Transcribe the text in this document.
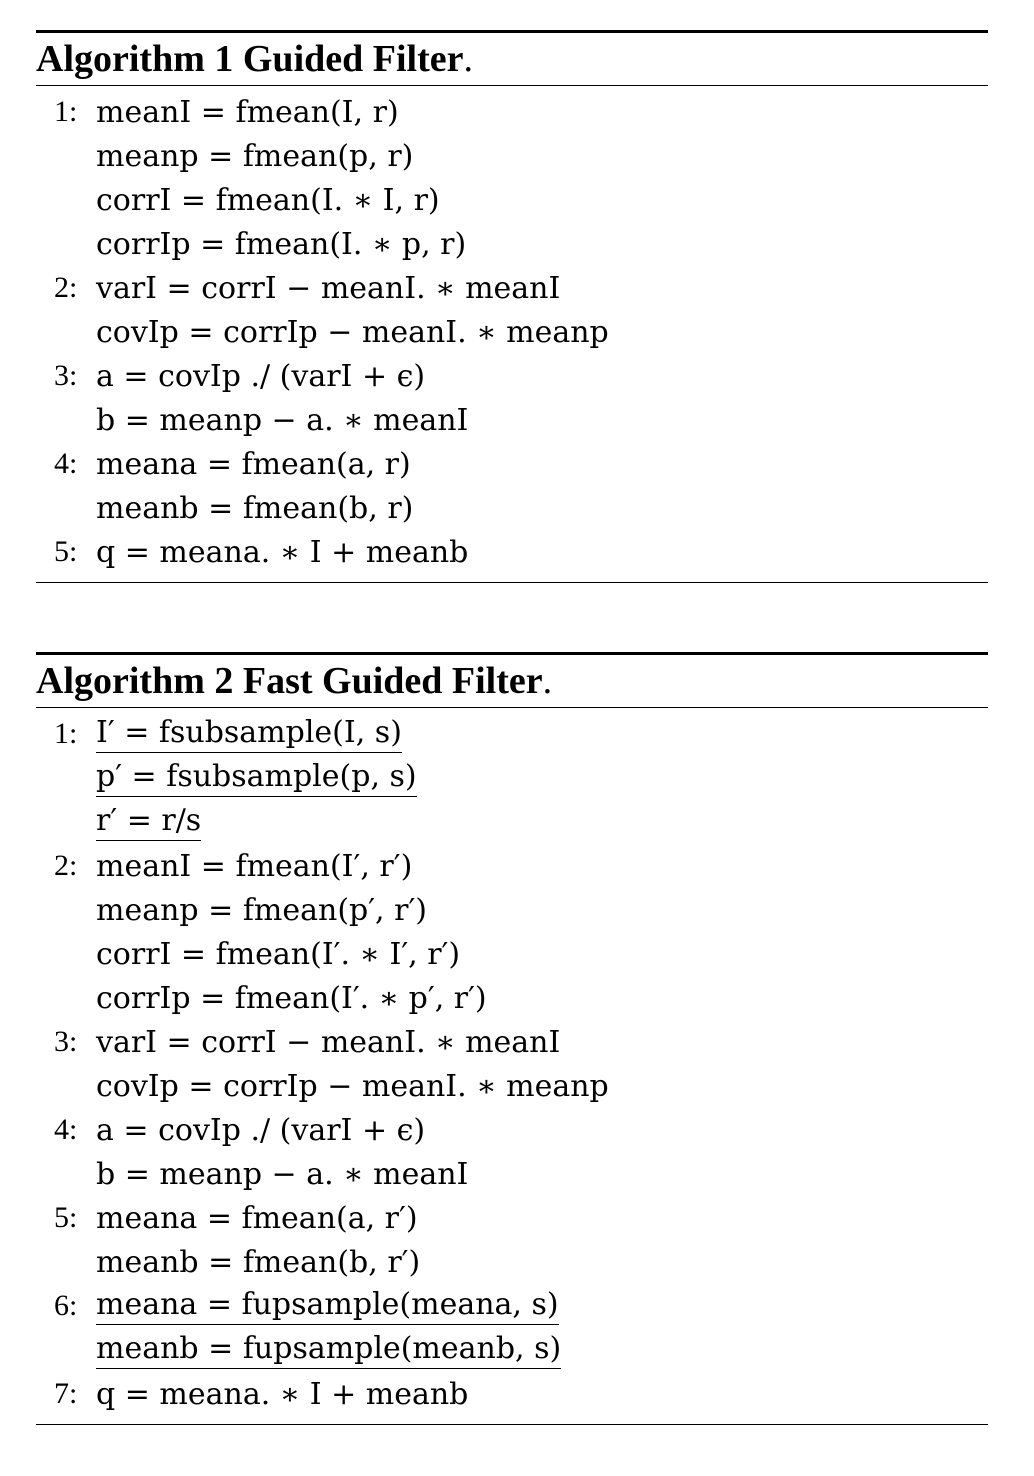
Algorithm 1
Guided Filter .
1: meanI = fmean(I, r)
meanp = fmean(p, r)
corrI = fmean(I. ∗ I, r)
corrIp = fmean(I. ∗ p, r)
2: varI = corrI − meanI. ∗ meanI
covIp = corrIp − meanI. ∗ meanp
3: a = covIp ./ (varI + ϵ)
b = meanp − a. ∗ meanI
4: meana = fmean(a, r)
meanb = fmean(b, r)
5: q = meana. ∗ I + meanb
Algorithm 2
Fast Guided Filter .
1: I′ = fsubsample(I, s)
p′ = fsubsample(p, s)
r′ = r/s
2: meanI = fmean(I′, r′)
meanp = fmean(p′, r′)
corrI = fmean(I′. ∗ I′, r′)
corrIp = fmean(I′. ∗ p′, r′)
3: varI = corrI − meanI. ∗ meanI
covIp = corrIp − meanI. ∗ meanp
4: a = covIp ./ (varI + ϵ)
b = meanp − a. ∗ meanI
5: meana = fmean(a, r′)
meanb = fmean(b, r′)
6: meana = fupsample(meana, s)
meanb = fupsample(meanb, s)
7: q = meana. ∗ I + meanb
